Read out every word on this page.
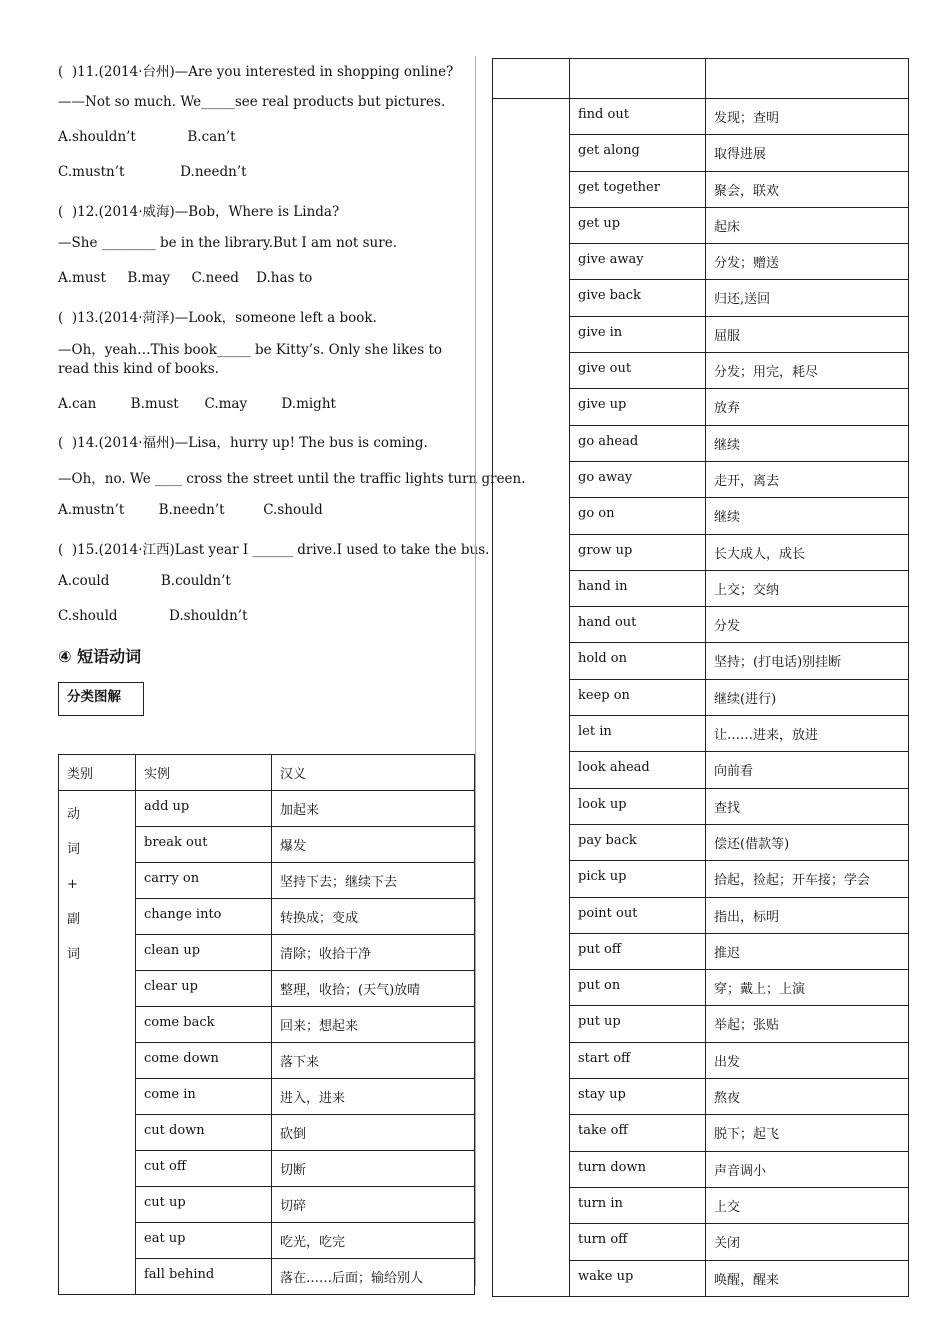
(  )11.(2014·台州)—Are you interested in shopping online?
——Not so much. We_____see real products but pictures.
A.shouldn’t            B.can’t
C.mustn’t             D.needn’t
(  )12.(2014·威海)—Bob，Where is Linda?
—She ________ be in the library.But I am not sure.
A.must     B.may     C.need    D.has to
(  )13.(2014·菏泽)—Look，someone left a book.
—Oh，yeah…This book_____ be Kitty’s. Only she likes to read this kind of books.
A.can        B.must      C.may        D.might
(  )14.(2014·福州)—Lisa，hurry up! The bus is coming.
—Oh，no. We ____ cross the street until the traffic lights turn green.
A.mustn’t        B.needn’t         C.should
(  )15.(2014·江西)Last year I ______ drive.I used to take the bus.
A.could            B.couldn’t
C.should            D.shouldn’t
④ 短语动词
分类图解
类别	实例	汉义

动
词
+
副
词	add up	加起来
	break out	爆发
	carry on	坚持下去；继续下去
	change into	转换成；变成
	clean up	清除；收拾干净
	clear up	整理，收拾；(天气)放晴
	come back	回来；想起来
	come down	落下来
	come in	进入，进来
	cut down	砍倒
	cut off	切断
	cut up	切碎
	eat up	吃光，吃完
	fall behind	落在……后面；输给别人

	find out	发现；查明
	get along	取得进展
	get together	聚会，联欢
	get up	起床
	give away	分发；赠送
	give back	归还,送回
	give in	屈服
	give out	分发；用完，耗尽
	give up	放弃
	go ahead	继续
	go away	走开，离去
	go on	继续
	grow up	长大成人，成长
	hand in	上交；交纳
	hand out	分发
	hold on	坚持；(打电话)别挂断
	keep on	继续(进行)
	let in	让……进来，放进
	look ahead	向前看
	look up	查找
	pay back	偿还(借款等)
	pick up	拾起，捡起；开车接；学会
	point out	指出，标明
	put off	推迟
	put on	穿；戴上；上演
	put up	举起；张贴
	start off	出发
	stay up	熬夜
	take off	脱下；起飞
	turn down	声音调小
	turn in	上交
	turn off	关闭
	wake up	唤醒，醒来
